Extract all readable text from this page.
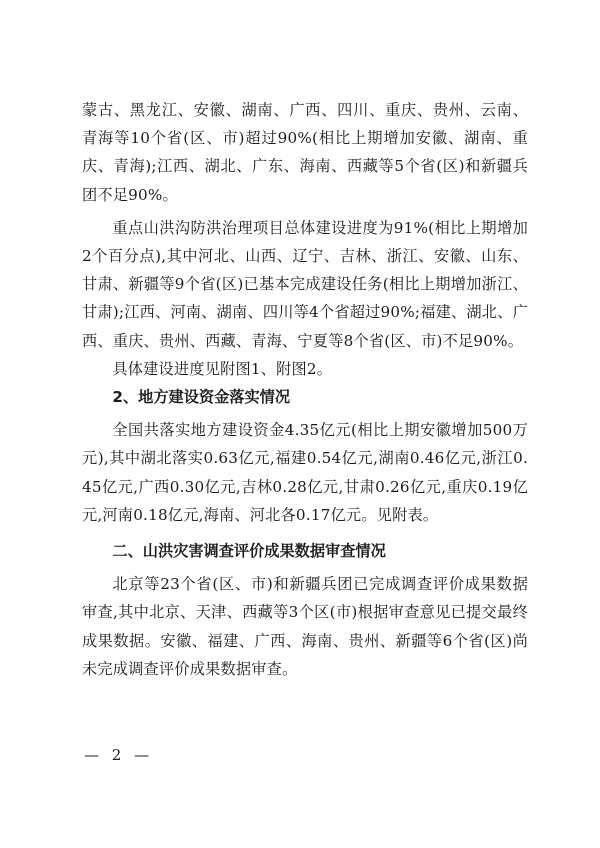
蒙古、黑龙江、安徽、湖南、广西、四川、重庆、贵州、云南、青海等10个省(区、市)超过90%(相比上期增加安徽、湖南、重庆、青海);江西、湖北、广东、海南、西藏等5个省(区)和新疆兵团不足90%。

重点山洪沟防洪治理项目总体建设进度为91%(相比上期增加2个百分点),其中河北、山西、辽宁、吉林、浙江、安徽、山东、甘肃、新疆等9个省(区)已基本完成建设任务(相比上期增加浙江、甘肃);江西、河南、湖南、四川等4个省超过90%;福建、湖北、广西、重庆、贵州、西藏、青海、宁夏等8个省(区、市)不足90%。

具体建设进度见附图1、附图2。

2、地方建设资金落实情况

全国共落实地方建设资金4.35亿元(相比上期安徽增加500万元),其中湖北落实0.63亿元,福建0.54亿元,湖南0.46亿元,浙江0.45亿元,广西0.30亿元,吉林0.28亿元,甘肃0.26亿元,重庆0.19亿元,河南0.18亿元,海南、河北各0.17亿元。见附表。

二、山洪灾害调查评价成果数据审查情况

北京等23个省(区、市)和新疆兵团已完成调查评价成果数据审查,其中北京、天津、西藏等3个区(市)根据审查意见已提交最终成果数据。安徽、福建、广西、海南、贵州、新疆等6个省(区)尚未完成调查评价成果数据审查。

— 2 —
